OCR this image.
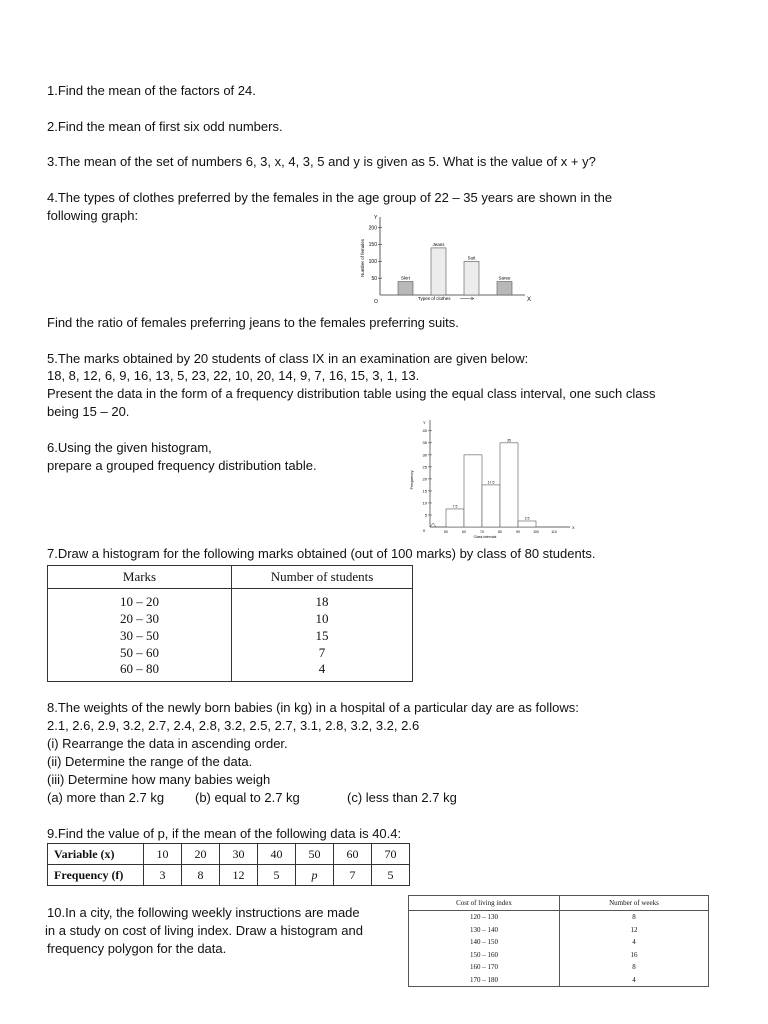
1.Find the mean of the factors of 24.
2.Find the mean of first six odd numbers.
3.The mean of the set of numbers 6, 3, x, 4, 3, 5 and y is given as 5. What is the value of x + y?
4.The types of clothes preferred by the females in the age group of 22 – 35 years are shown in the
following graph:
50
100
150
200
Y
X
O
Number of females
Skirt
Jeans
Suit
Saree
Types of clothes
Find the ratio of females preferring jeans to the females preferring suits.
5.The marks obtained by 20 students of class IX in an examination are given below:
18, 8, 12, 6, 9, 16, 13, 5, 23, 22, 10, 20, 14, 9, 7, 16, 15, 3, 1, 13.
Present the data in the form of a frequency distribution table using the equal class interval, one such class
being 15 – 20.
6.Using the given histogram,
prepare a grouped frequency distribution table.
5
10
15
20
25
30
35
40
50	60	70	80	90	100	110
Y
X
0
Frequency
7.5
17.5
35
2.5
Class intervals
7.Draw a histogram for the following marks obtained (out of 100 marks) by class of 80 students.
Marks	Number of students
10 – 20	18
20 – 30	10
30 – 50	15
50 – 60	7
60 – 80	4
8.The weights of the newly born babies (in kg) in a hospital of a particular day are as follows:
2.1, 2.6, 2.9, 3.2, 2.7, 2.4, 2.8, 3.2, 2.5, 2.7, 3.1, 2.8, 3.2, 3.2, 2.6
(i) Rearrange the data in ascending order.
(ii) Determine the range of the data.
(iii) Determine how many babies weigh
(a) more than 2.7 kg (b) equal to 2.7 kg	(c) less than 2.7 kg
9.Find the value of p, if the mean of the following data is 40.4:
Variable (x)	10	20	30	40	50	60	70
Frequency (f)	3	8	12	5	p	7	5
10.In a city, the following weekly instructions are made
in a study on cost of living index. Draw a histogram and
frequency polygon for the data.
Cost of living index	Number of weeks
120 – 130	8
130 – 140	12
140 – 150	4
150 – 160	16
160 – 170	8
170 – 180	4
